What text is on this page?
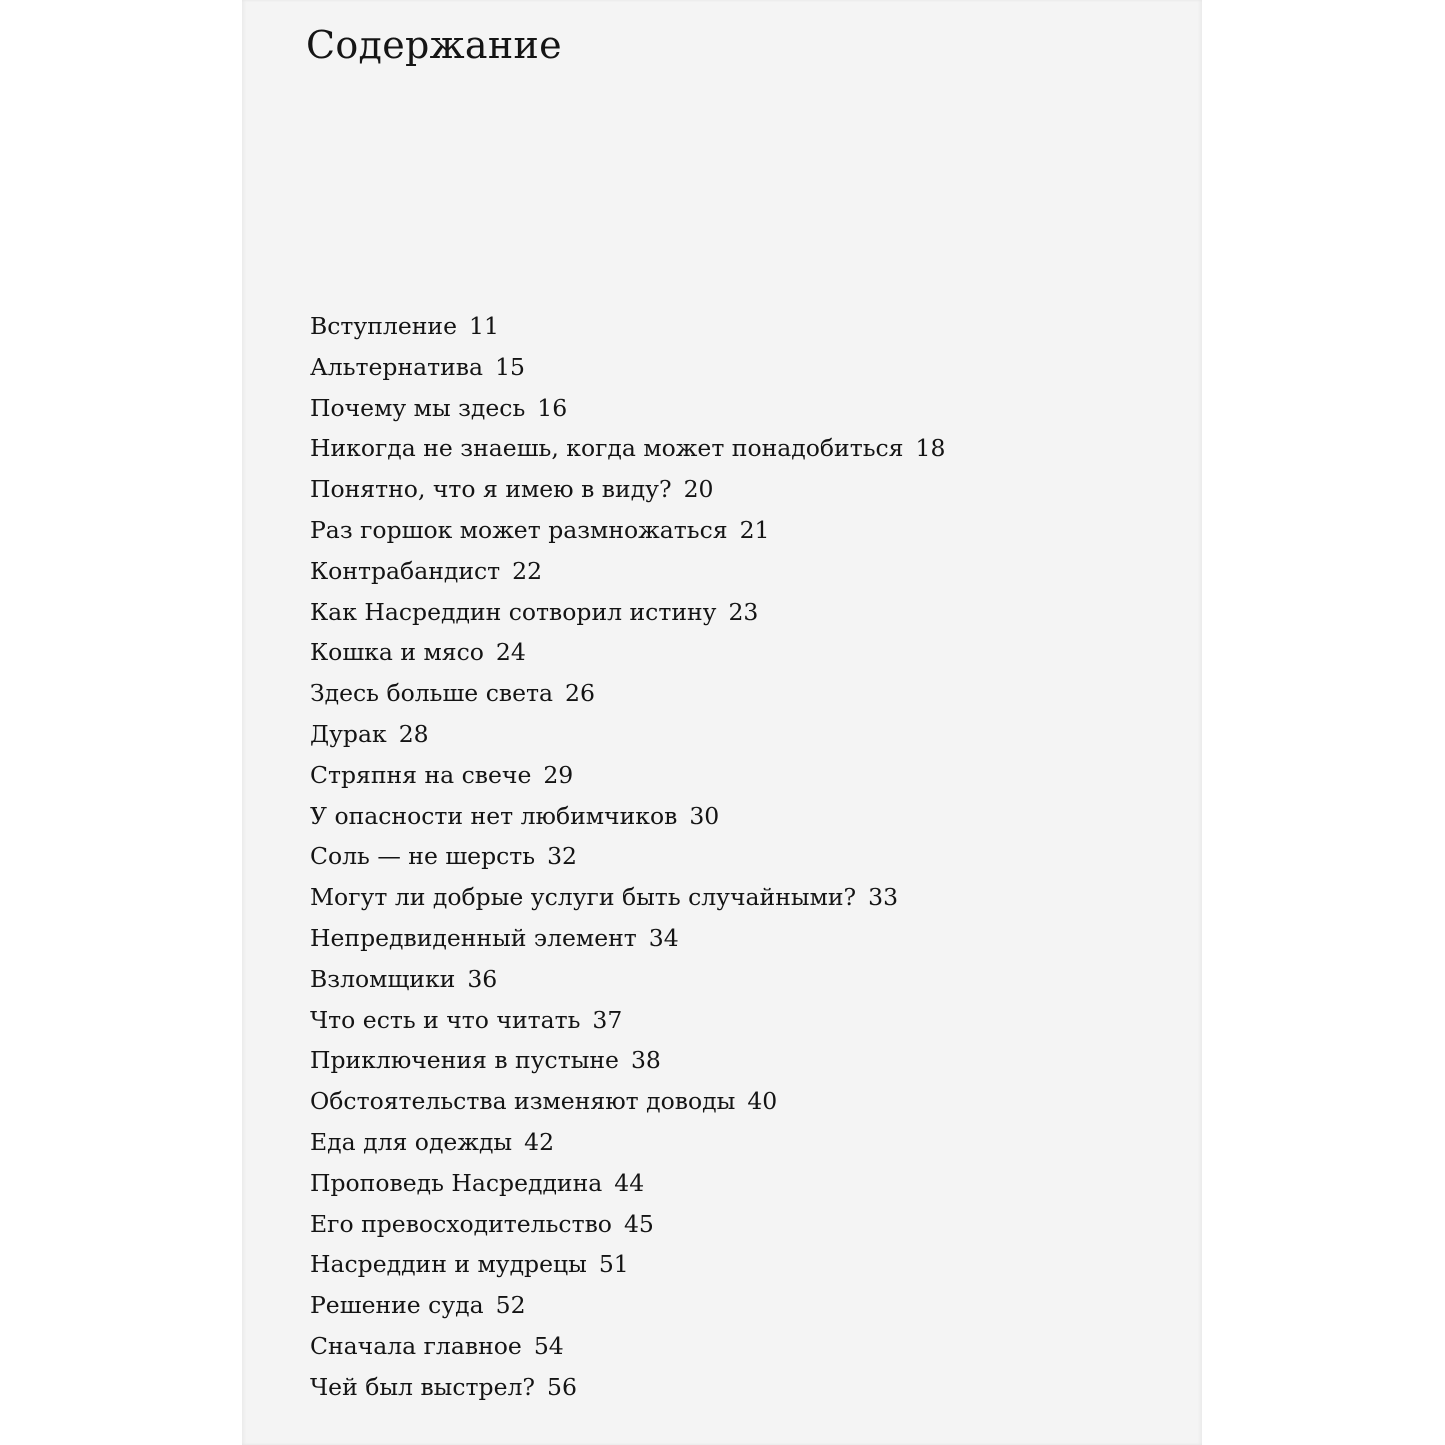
Содержание
Вступление 11
Альтернатива 15
Почему мы здесь 16
Никогда не знаешь, когда может понадобиться 18
Понятно, что я имею в виду? 20
Раз горшок может размножаться 21
Контрабандист 22
Как Насреддин сотворил истину 23
Кошка и мясо 24
Здесь больше света 26
Дурак 28
Стряпня на свече 29
У опасности нет любимчиков 30
Соль — не шерсть 32
Могут ли добрые услуги быть случайными? 33
Непредвиденный элемент 34
Взломщики 36
Что есть и что читать 37
Приключения в пустыне 38
Обстоятельства изменяют доводы 40
Еда для одежды 42
Проповедь Насреддина 44
Его превосходительство 45
Насреддин и мудрецы 51
Решение суда 52
Сначала главное 54
Чей был выстрел? 56
